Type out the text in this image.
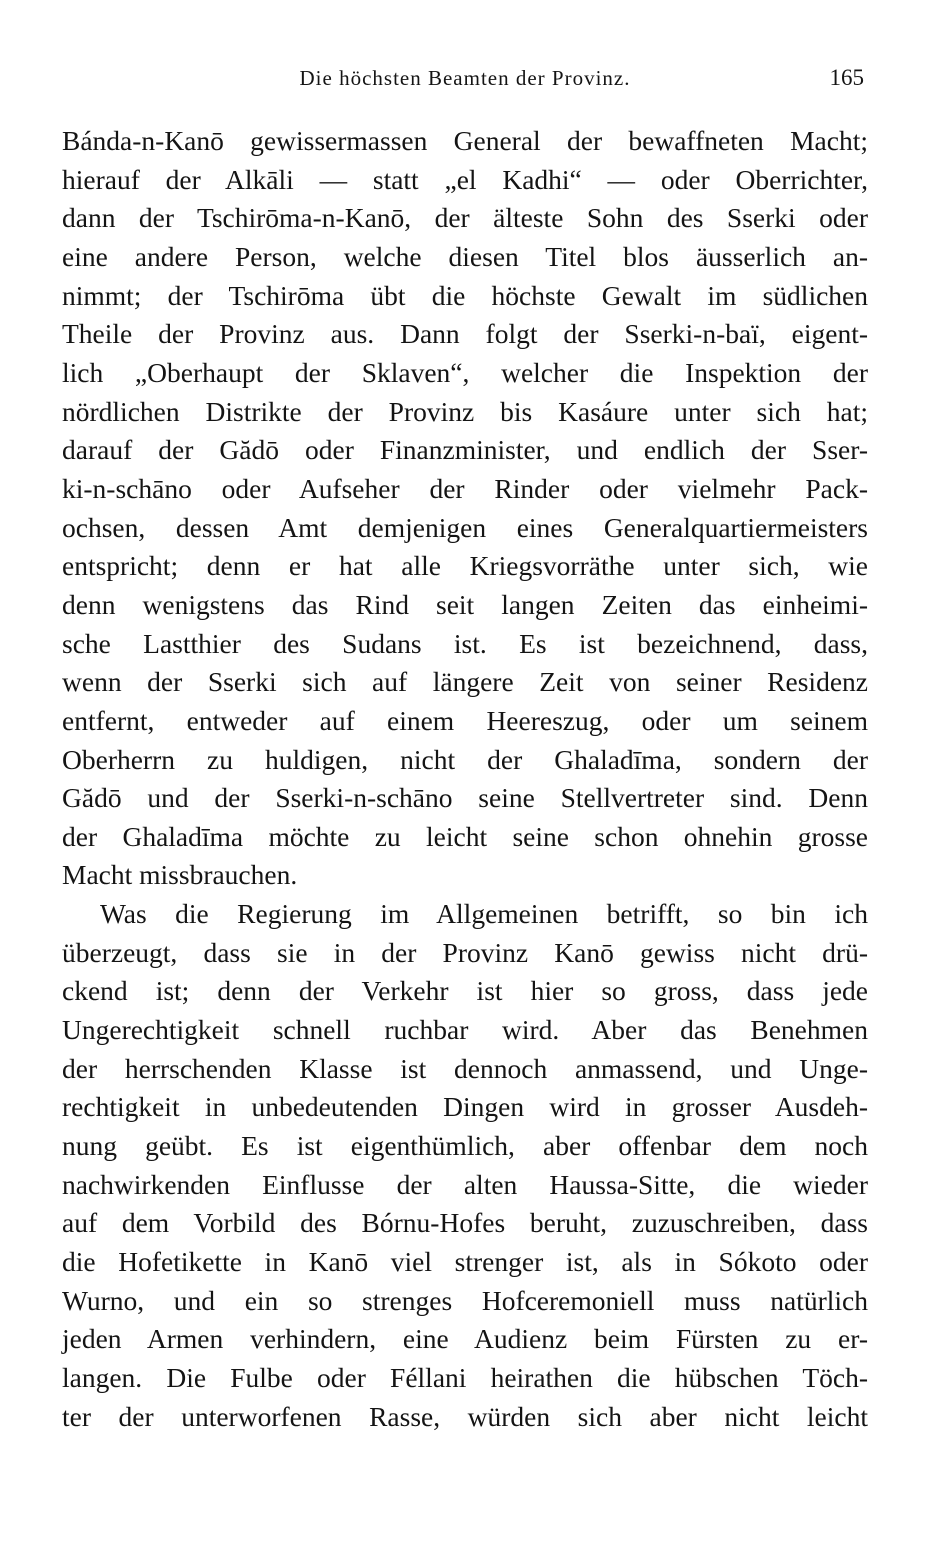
Die höchsten Beamten der Provinz.	165
Bánda-n-Kanō gewissermassen General der bewaffneten Macht;
hierauf der Alkāli — statt „el Kadhi“ — oder Oberrichter,
dann der Tschirōma-n-Kanō, der älteste Sohn des Sserki oder
eine andere Person, welche diesen Titel blos äusserlich an-
nimmt; der Tschirōma übt die höchste Gewalt im südlichen
Theile der Provinz aus. Dann folgt der Sserki-n-baï, eigent-
lich „Oberhaupt der Sklaven“, welcher die Inspektion der
nördlichen Distrikte der Provinz bis Kasáure unter sich hat;
darauf der Gădō oder Finanzminister, und endlich der Sser-
ki-n-schāno oder Aufseher der Rinder oder vielmehr Pack-
ochsen, dessen Amt demjenigen eines Generalquartiermeisters
entspricht; denn er hat alle Kriegsvorräthe unter sich, wie
denn wenigstens das Rind seit langen Zeiten das einheimi-
sche Lastthier des Sudans ist. Es ist bezeichnend, dass,
wenn der Sserki sich auf längere Zeit von seiner Residenz
entfernt, entweder auf einem Heereszug, oder um seinem
Oberherrn zu huldigen, nicht der Ghaladīma, sondern der
Gădō und der Sserki-n-schāno seine Stellvertreter sind. Denn
der Ghaladīma möchte zu leicht seine schon ohnehin grosse
Macht missbrauchen.
Was die Regierung im Allgemeinen betrifft, so bin ich
überzeugt, dass sie in der Provinz Kanō gewiss nicht drü-
ckend ist; denn der Verkehr ist hier so gross, dass jede
Ungerechtigkeit schnell ruchbar wird. Aber das Benehmen
der herrschenden Klasse ist dennoch anmassend, und Unge-
rechtigkeit in unbedeutenden Dingen wird in grosser Ausdeh-
nung geübt. Es ist eigenthümlich, aber offenbar dem noch
nachwirkenden Einflusse der alten Haussa-Sitte, die wieder
auf dem Vorbild des Bórnu-Hofes beruht, zuzuschreiben, dass
die Hofetikette in Kanō viel strenger ist, als in Sókoto oder
Wurno, und ein so strenges Hofceremoniell muss natürlich
jeden Armen verhindern, eine Audienz beim Fürsten zu er-
langen. Die Fulbe oder Féllani heirathen die hübschen Töch-
ter der unterworfenen Rasse, würden sich aber nicht leicht
